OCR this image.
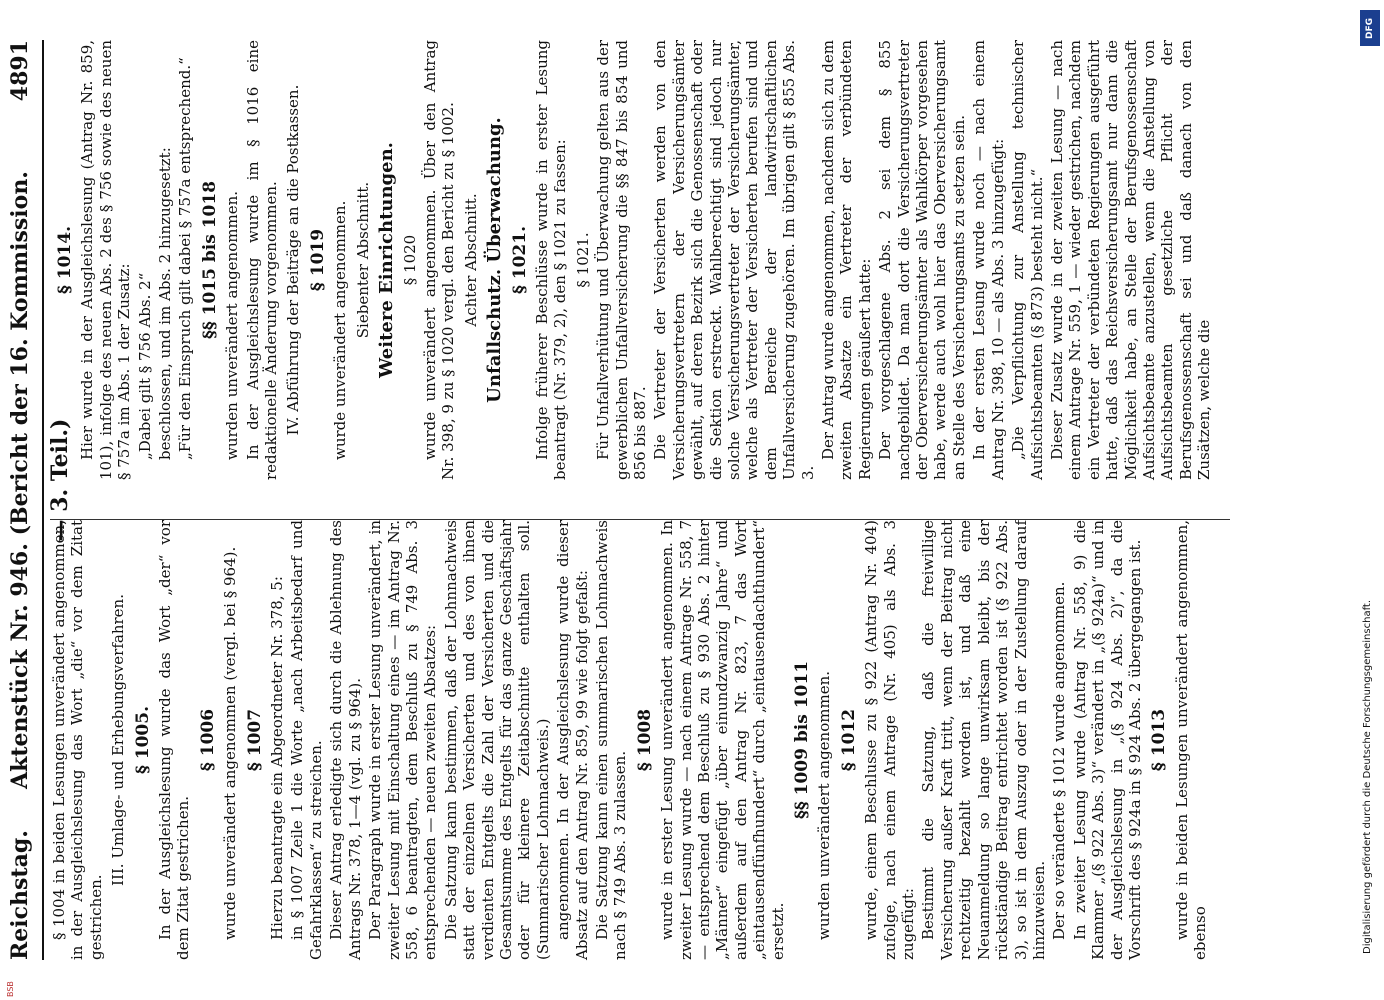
Reichstag.
Aktenstück Nr. 946. (Bericht der 16. Kommission. — 3. Teil.)
4891
§ 1004 in beiden Lesungen unverändert angenommen, in der Ausgleichslesung das Wort „die“ vor dem Zitat gestrichen.
III. Umlage- und Erhebungsverfahren. § 1005. In der Ausgleichslesung wurde das Wort „der“ vor dem Zitat gestrichen.
§ 1006 wurde unverändert angenommen (vergl. bei § 964). § 1007 Hierzu beantragte ein Abgeordneter Nr. 378, 5: in § 1007 Zeile 1 die Worte „nach Arbeitsbedarf und Gefahrklassen“ zu streichen. Dieser Antrag erledigte sich durch die Ablehnung des Antrags Nr. 378, 1—4 (vgl. zu § 964). Der Paragraph wurde in erster Lesung unverändert, in zweiter Lesung mit Einschaltung eines — im Antrag Nr. 558, 6 beantragten, dem Beschluß zu § 749 Abs. 3 entsprechenden — neuen zweiten Absatzes: Die Satzung kann bestimmen, daß der Lohnnachweis statt der einzelnen Versicherten und des von ihnen verdienten Entgelts die Zahl der Versicherten und die Gesamtsumme des Entgelts für das ganze Geschäftsjahr oder für kleinere Zeitabschnitte enthalten soll. (Summarischer Lohnnachweis.) angenommen. In der Ausgleichslesung wurde dieser Absatz auf den Antrag Nr. 859, 99 wie folgt gefaßt: Die Satzung kann einen summarischen Lohnnachweis nach § 749 Abs. 3 zulassen.
§ 1008 wurde in erster Lesung unverändert angenommen. In zweiter Lesung wurde — nach einem Antrage Nr. 558, 7 — entsprechend dem Beschluß zu § 930 Abs. 2 hinter „Männer“ eingefügt „über einundzwanzig Jahre“ und außerdem auf den Antrag Nr. 823, 7 das Wort „eintausendfünfhundert“ durch „eintausendachthundert“ ersetzt.
§§ 1009 bis 1011 wurden unverändert angenommen. § 1012 wurde, einem Beschlusse zu § 922 (Antrag Nr. 404) zufolge, nach einem Antrage (Nr. 405) als Abs. 3 zugefügt: Bestimmt die Satzung, daß die freiwillige Versicherung außer Kraft tritt, wenn der Beitrag nicht rechtzeitig bezahlt worden ist, und daß eine Neuanmeldung so lange unwirksam bleibt, bis der rückständige Beitrag entrichtet worden ist (§ 922 Abs. 3), so ist in dem Auszug oder in der Zustellung darauf hinzuweisen. Der so veränderte § 1012 wurde angenommen. In zweiter Lesung wurde (Antrag Nr. 558, 9) die Klammer „(§ 922 Abs. 3)“ verändert in „(§ 924a)“ und in der Ausgleichslesung in „(§ 924 Abs. 2)“, da die Vorschrift des § 924a in § 924 Abs. 2 übergegangen ist. § 1013 wurde in beiden Lesungen unverändert angenommen, ebenso
§ 1014. Hier wurde in der Ausgleichslesung (Antrag Nr. 859, 101), infolge des neuen Abs. 2 des § 756 sowie des neuen § 757a im Abs. 1 der Zusatz: „Dabei gilt § 756 Abs. 2“ beschlossen, und im Abs. 2 hinzugesetzt: „Für den Einspruch gilt dabei § 757a entsprechend.“ §§ 1015 bis 1018 wurden unverändert angenommen. In der Ausgleichslesung wurde im § 1016 eine redaktionelle Änderung vorgenommen. IV. Abführung der Beiträge an die Postkassen. § 1019 wurde unverändert angenommen. Siebenter Abschnitt. Weitere Einrichtungen. § 1020 wurde unverändert angenommen. Über den Antrag Nr. 398, 9 zu § 1020 vergl. den Bericht zu § 1002. Achter Abschnitt. Unfallschutz. Überwachung. § 1021. Infolge früherer Beschlüsse wurde in erster Lesung beantragt (Nr. 379, 2), den § 1021 zu fassen: § 1021. Für Unfallverhütung und Überwachung gelten aus der gewerblichen Unfallversicherung die §§ 847 bis 854 und 856 bis 887. Die Vertreter der Versicherten werden von den Versicherungsvertretern der Versicherungsämter gewählt, auf deren Bezirk sich die Genossenschaft oder die Sektion erstreckt. Wahlberechtigt sind jedoch nur solche Versicherungsvertreter der Versicherungsämter, welche als Vertreter der Versicherten berufen sind und dem Bereiche der landwirtschaftlichen Unfallversicherung zugehören. Im übrigen gilt § 855 Abs. 3.
Der Antrag wurde angenommen, nachdem sich zu dem zweiten Absatze ein Vertreter der verbündeten Regierungen geäußert hatte: Der vorgeschlagene Abs. 2 sei dem § 855 nachgebildet. Da man dort die Versicherungsvertreter der Oberversicherungsämter als Wahlkörper vorgesehen habe, werde auch wohl hier das Oberversicherungsamt an Stelle des Versicherungsamts zu setzen sein. In der ersten Lesung wurde noch — nach einem Antrag Nr. 398, 10 — als Abs. 3 hinzugefügt: „Die Verpflichtung zur Anstellung technischer Aufsichtsbeamten (§ 873) besteht nicht.“ Dieser Zusatz wurde in der zweiten Lesung — nach einem Antrage Nr. 559, 1 — wieder gestrichen, nachdem ein Vertreter der verbündeten Regierungen ausgeführt hatte, daß das Reichsversicherungsamt nur dann die Möglichkeit habe, an Stelle der Berufsgenossenschaft Aufsichtsbeamte anzustellen, wenn die Anstellung von Aufsichtsbeamten gesetzliche Pflicht der Berufsgenossenschaft sei und daß danach von den Zusätzen, welche die
DFG
Digitalisierung gefördert durch die Deutsche Forschungsgemeinschaft.
BSB
